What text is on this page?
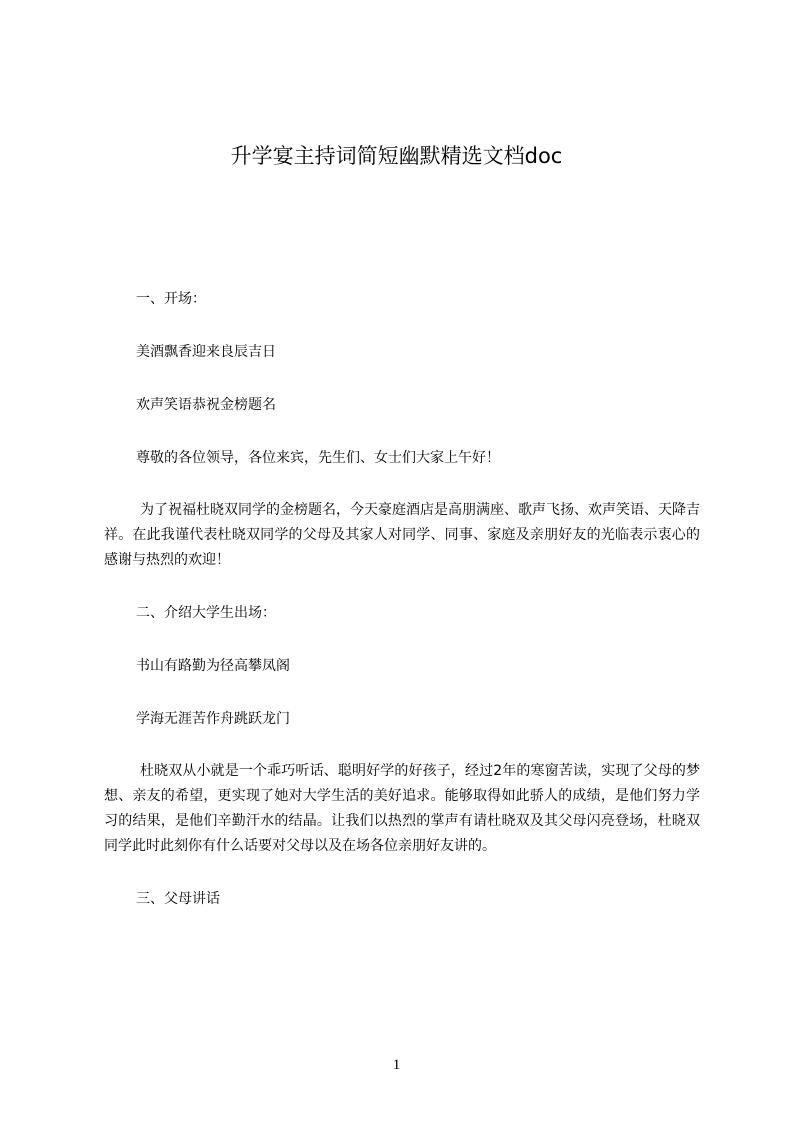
升学宴主持词简短幽默精选文档doc
一、开场：
美酒飘香迎来良辰吉日
欢声笑语恭祝金榜题名
尊敬的各位领导，各位来宾，先生们、女士们大家上午好！
为了祝福杜晓双同学的金榜题名，今天豪庭酒店是高朋满座、歌声飞扬、欢声笑语、天降吉祥。在此我谨代表杜晓双同学的父母及其家人对同学、同事、家庭及亲朋好友的光临表示衷心的感谢与热烈的欢迎！
二、介绍大学生出场：
书山有路勤为径高攀凤阁
学海无涯苦作舟跳跃龙门
杜晓双从小就是一个乖巧听话、聪明好学的好孩子，经过2年的寒窗苦读，实现了父母的梦想、亲友的希望，更实现了她对大学生活的美好追求。能够取得如此骄人的成绩，是他们努力学习的结果，是他们辛勤汗水的结晶。让我们以热烈的掌声有请杜晓双及其父母闪亮登场，杜晓双同学此时此刻你有什么话要对父母以及在场各位亲朋好友讲的。
三、父母讲话
1
